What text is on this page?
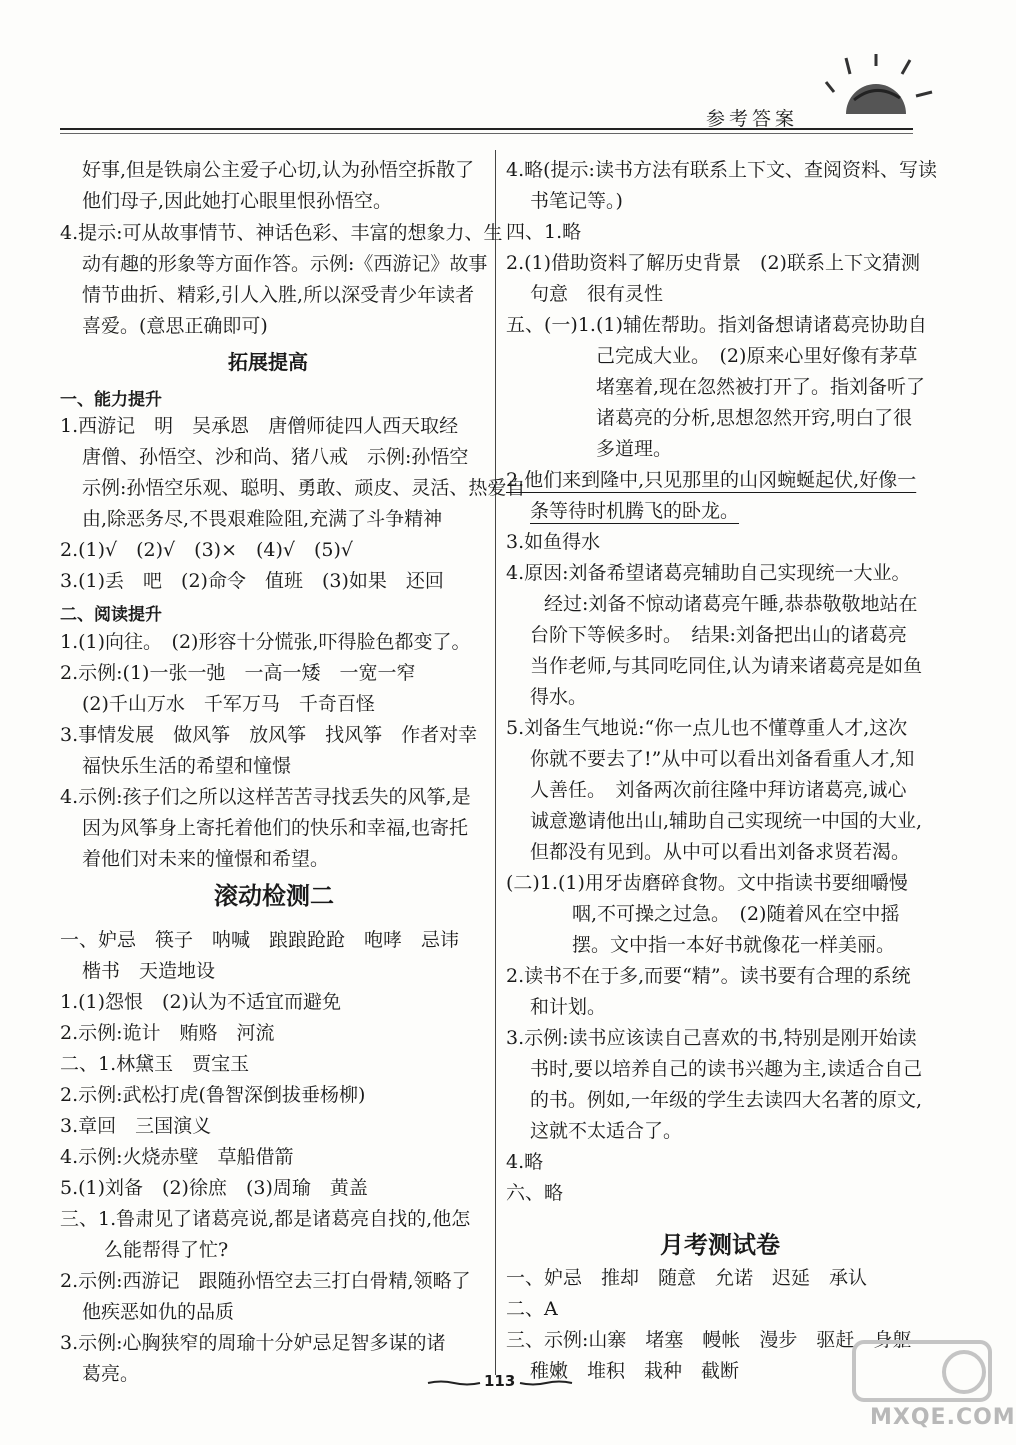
参考答案
好事,但是铁扇公主爱子心切,认为孙悟空拆散了
他们母子,因此她打心眼里恨孙悟空。
4.提示:可从故事情节、神话色彩、丰富的想象力、生
动有趣的形象等方面作答。示例:《西游记》故事
情节曲折、精彩,引人入胜,所以深受青少年读者
喜爱。(意思正确即可)
1.西游记　明　吴承恩　唐僧师徒四人西天取经
唐僧、孙悟空、沙和尚、猪八戒　示例:孙悟空
示例:孙悟空乐观、聪明、勇敢、顽皮、灵活、热爱自
由,除恶务尽,不畏艰难险阻,充满了斗争精神
2.(1)√　(2)√　(3)×　(4)√　(5)√
3.(1)丢　吧　(2)命令　值班　(3)如果　还回
1.(1)向往。　(2)形容十分慌张,吓得脸色都变了。
2.示例:(1)一张一弛　一高一矮　一宽一窄
(2)千山万水　千军万马　千奇百怪
3.事情发展　做风筝　放风筝　找风筝　作者对幸
福快乐生活的希望和憧憬
4.示例:孩子们之所以这样苦苦寻找丢失的风筝,是
因为风筝身上寄托着他们的快乐和幸福,也寄托
着他们对未来的憧憬和希望。
一、妒忌　筷子　呐喊　踉踉跄跄　咆哮　忌讳
楷书　天造地设
1.(1)怨恨　(2)认为不适宜而避免
2.示例:诡计　贿赂　河流
二、1.林黛玉　贾宝玉
2.示例:武松打虎(鲁智深倒拔垂杨柳)
3.章回　三国演义
4.示例:火烧赤壁　草船借箭
5.(1)刘备　(2)徐庶　(3)周瑜　黄盖
三、1.鲁肃见了诸葛亮说,都是诸葛亮自找的,他怎
么能帮得了忙?
2.示例:西游记　跟随孙悟空去三打白骨精,领略了
他疾恶如仇的品质
3.示例:心胸狭窄的周瑜十分妒忌足智多谋的诸
葛亮。
拓展提高
滚动检测二
一、能力提升
二、阅读提升
4.略(提示:读书方法有联系上下文、查阅资料、写读
书笔记等。)
四、1.略
2.(1)借助资料了解历史背景　(2)联系上下文猜测
句意　很有灵性
五、(一)1.(1)辅佐帮助。指刘备想请诸葛亮协助自
己完成大业。　(2)原来心里好像有茅草
堵塞着,现在忽然被打开了。指刘备听了
诸葛亮的分析,思想忽然开窍,明白了很
多道理。
2.他们来到隆中,只见那里的山冈蜿蜒起伏,好像一
条等待时机腾飞的卧龙。
3.如鱼得水
4.原因:刘备希望诸葛亮辅助自己实现统一大业。
经过:刘备不惊动诸葛亮午睡,恭恭敬敬地站在
台阶下等候多时。　结果:刘备把出山的诸葛亮
当作老师,与其同吃同住,认为请来诸葛亮是如鱼
得水。
5.刘备生气地说:“你一点儿也不懂尊重人才,这次
你就不要去了!”从中可以看出刘备看重人才,知
人善任。　刘备两次前往隆中拜访诸葛亮,诚心
诚意邀请他出山,辅助自己实现统一中国的大业,
但都没有见到。从中可以看出刘备求贤若渴。
(二)1.(1)用牙齿磨碎食物。文中指读书要细嚼慢
咽,不可操之过急。　(2)随着风在空中摇
摆。文中指一本好书就像花一样美丽。
2.读书不在于多,而要“精”。读书要有合理的系统
和计划。
3.示例:读书应该读自己喜欢的书,特别是刚开始读
书时,要以培养自己的读书兴趣为主,读适合自己
的书。例如,一年级的学生去读四大名著的原文,
这就不太适合了。
4.略
六、略
一、妒忌　推却　随意　允诺　迟延　承认
二、A
三、示例:山寨　堵塞　幔帐　漫步　驱赶　身躯
稚嫩　堆积　栽种　截断
月考测试卷
113
MXQE.COM
